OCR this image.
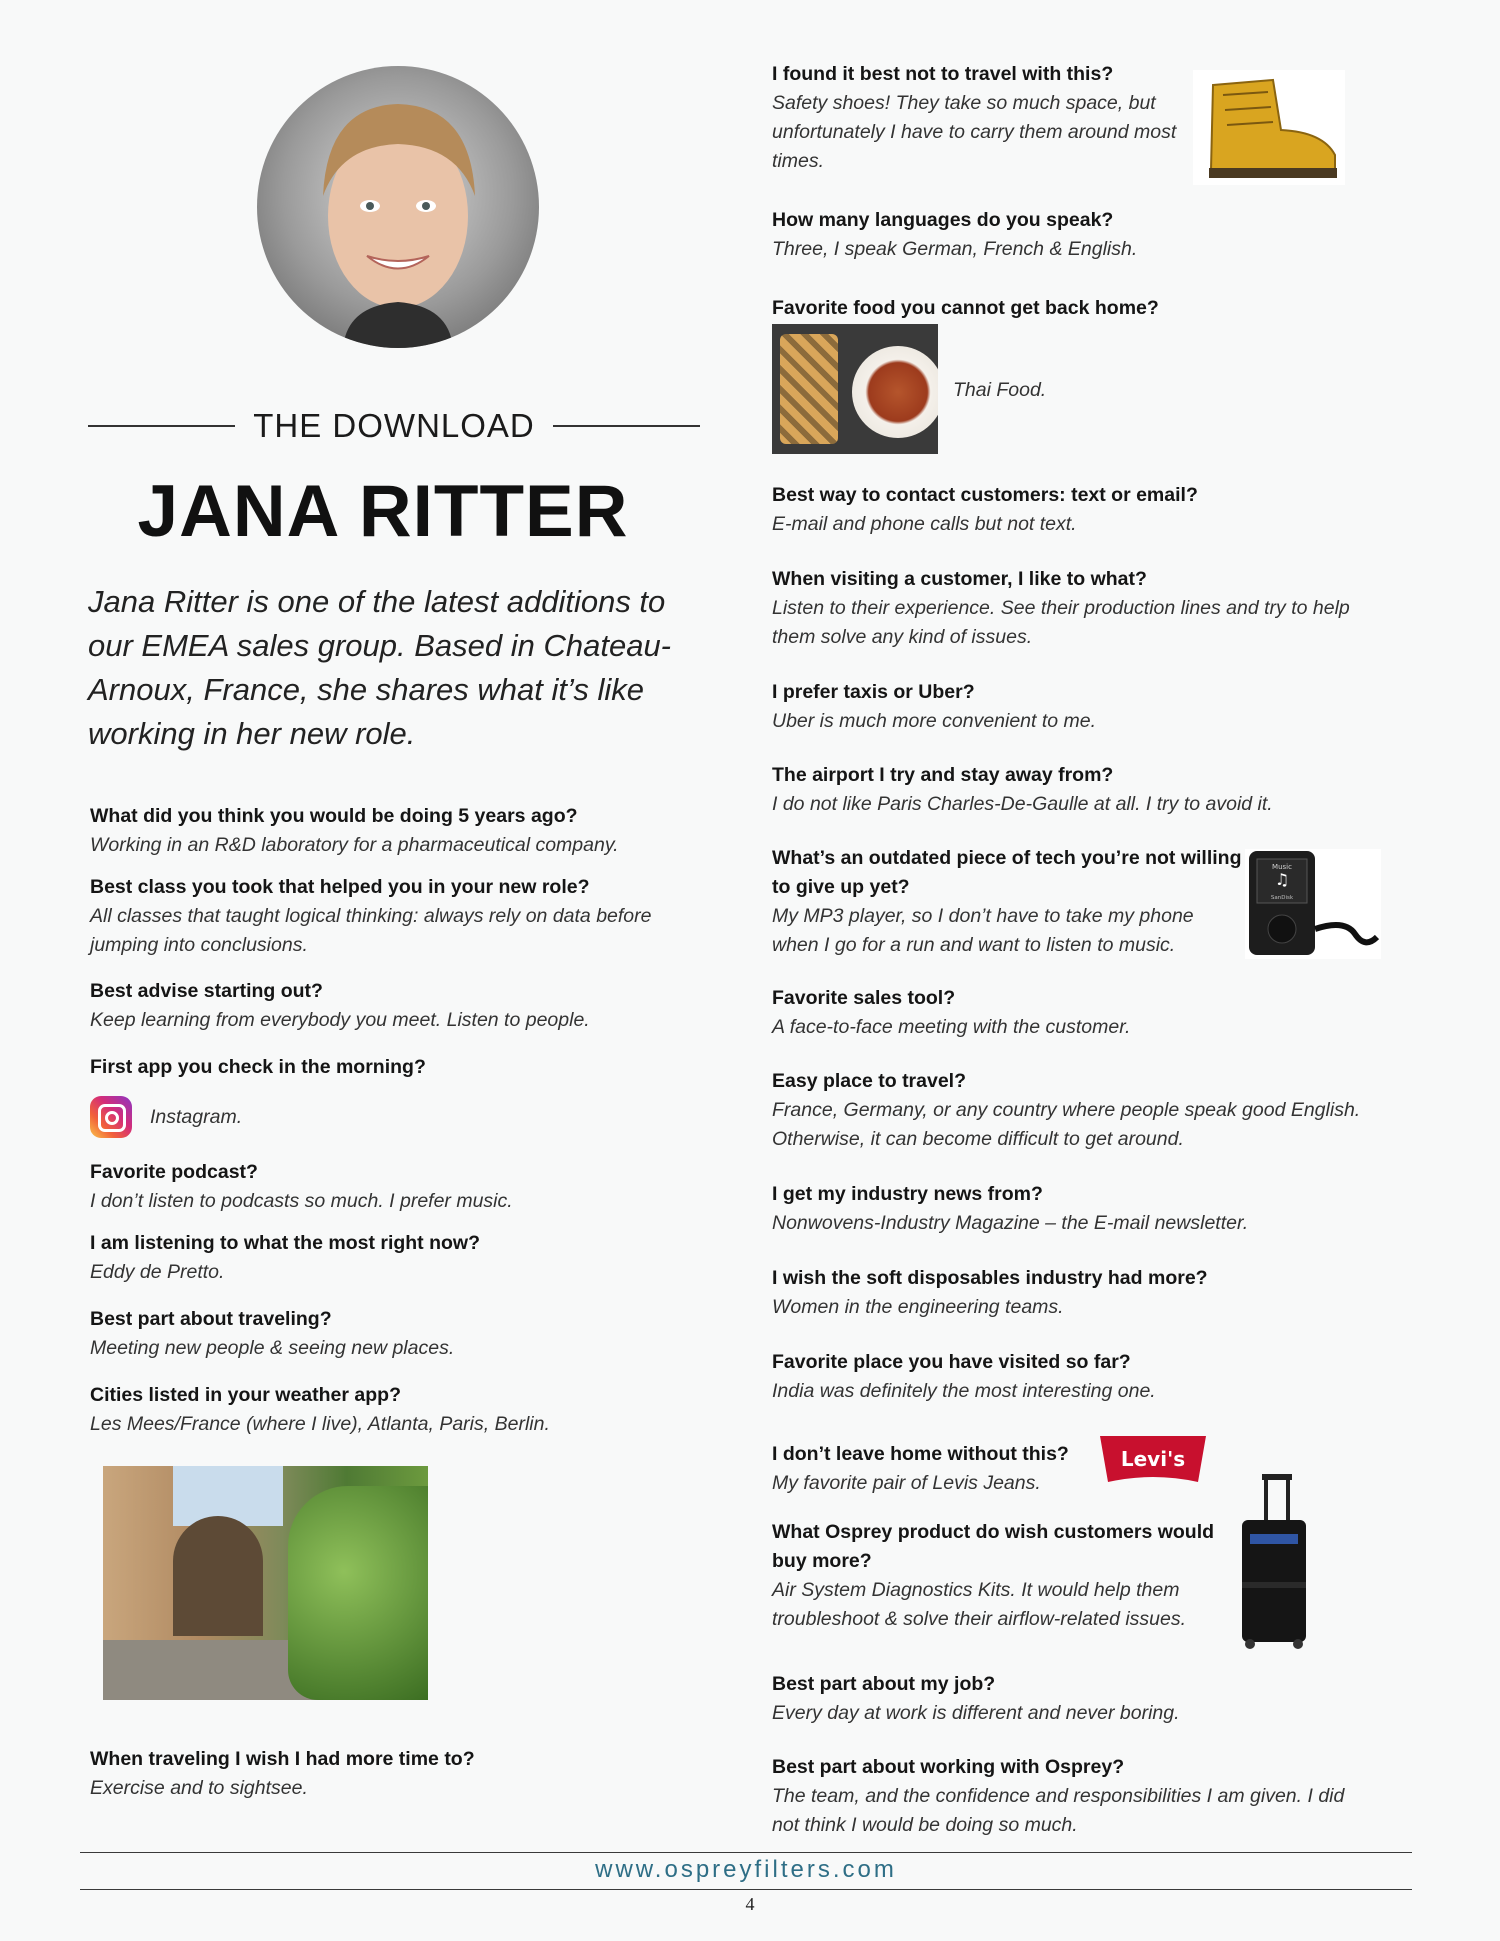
THE DOWNLOAD
JANA RITTER
Jana Ritter is one of the latest additions to our EMEA sales group. Based in Chateau-Arnoux, France, she shares what it’s like working in her new role.
What did you think you would be doing 5 years ago?
Working in an R&D laboratory for a pharmaceutical company.
Best class you took that helped you in your new role?
All classes that taught logical thinking: always rely on data before jumping into conclusions.
Best advise starting out?
Keep learning from everybody you meet. Listen to people.
First app you check in the morning?
Instagram.
Favorite podcast?
I don’t listen to podcasts so much. I prefer music.
I am listening to what the most right now?
Eddy de Pretto.
Best part about traveling?
Meeting new people & seeing new places.
Cities listed in your weather app?
Les Mees/France (where I live), Atlanta, Paris, Berlin.
When traveling I wish I had more time to?
Exercise and to sightsee.
I found it best not to travel with this?
Safety shoes! They take so much space, but unfortunately I have to carry them around most times.
How many languages do you speak?
Three, I speak German, French & English.
Favorite food you cannot get back home?
Thai Food.
Best way to contact customers: text or email?
E-mail and phone calls but not text.
When visiting a customer, I like to what?
Listen to their experience. See their production lines and try to help them solve any kind of issues.
I prefer taxis or Uber?
Uber is much more convenient to me.
The airport I try and stay away from?
I do not like Paris Charles-De-Gaulle at all. I try to avoid it.
What’s an outdated piece of tech you’re not willing to give up yet?
My MP3 player, so I don’t have to take my phone when I go for a run and want to listen to music.
Music
♫
SanDisk
Favorite sales tool?
A face-to-face meeting with the customer.
Easy place to travel?
France, Germany, or any country where people speak good English. Otherwise, it can become difficult to get around.
I get my industry news from?
Nonwovens-Industry Magazine – the E-mail newsletter.
I wish the soft disposables industry had more?
Women in the engineering teams.
Favorite place you have visited so far?
India was definitely the most interesting one.
I don’t leave home without this?
My favorite pair of Levis Jeans.
Levi's
What Osprey product do wish customers would buy more?
Air System Diagnostics Kits. It would help them troubleshoot & solve their airflow-related issues.
Best part about my job?
Every day at work is different and never boring.
Best part about working with Osprey?
The team, and the confidence and responsibilities I am given. I did not think I would be doing so much.
www.ospreyfilters.com
4
